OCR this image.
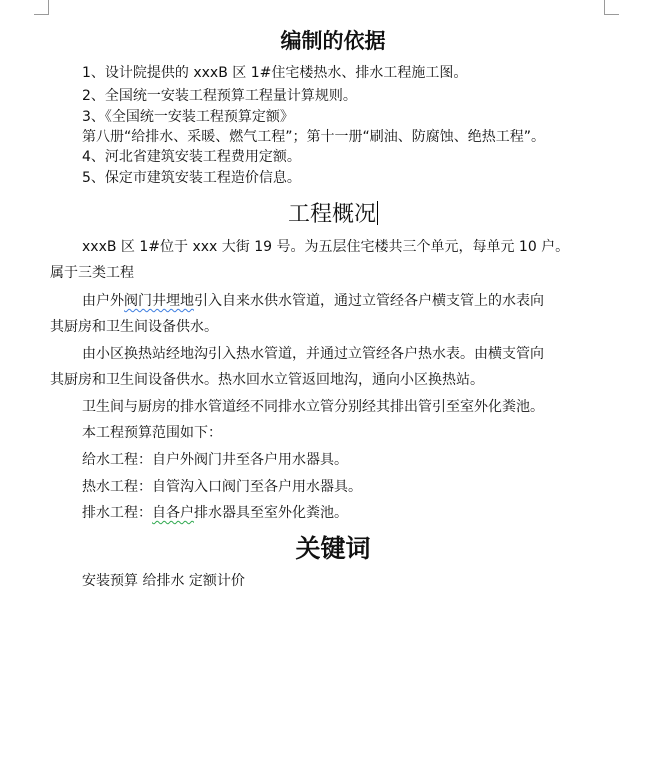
编制的依据
1、设计院提供的 xxxB 区 1#住宅楼热水、排水工程施工图。
2、全国统一安装工程预算工程量计算规则。
3、《全国统一安装工程预算定额》
第八册“给排水、采暖、燃气工程”；第十一册“刷油、防腐蚀、绝热工程”。
4、河北省建筑安装工程费用定额。
5、保定市建筑安装工程造价信息。
工程概况
xxxB 区 1#位于 xxx 大街 19 号。为五层住宅楼共三个单元，每单元 10 户。
属于三类工程
由户外阀门井埋地引入自来水供水管道，通过立管经各户横支管上的水表向
其厨房和卫生间设备供水。
由小区换热站经地沟引入热水管道，并通过立管经各户热水表。由横支管向
其厨房和卫生间设备供水。热水回水立管返回地沟，通向小区换热站。
卫生间与厨房的排水管道经不同排水立管分别经其排出管引至室外化粪池。
本工程预算范围如下：
给水工程：自户外阀门井至各户用水器具。
热水工程：自管沟入口阀门至各户用水器具。
排水工程：自各户排水器具至室外化粪池。
关键词
安装预算 给排水 定额计价
